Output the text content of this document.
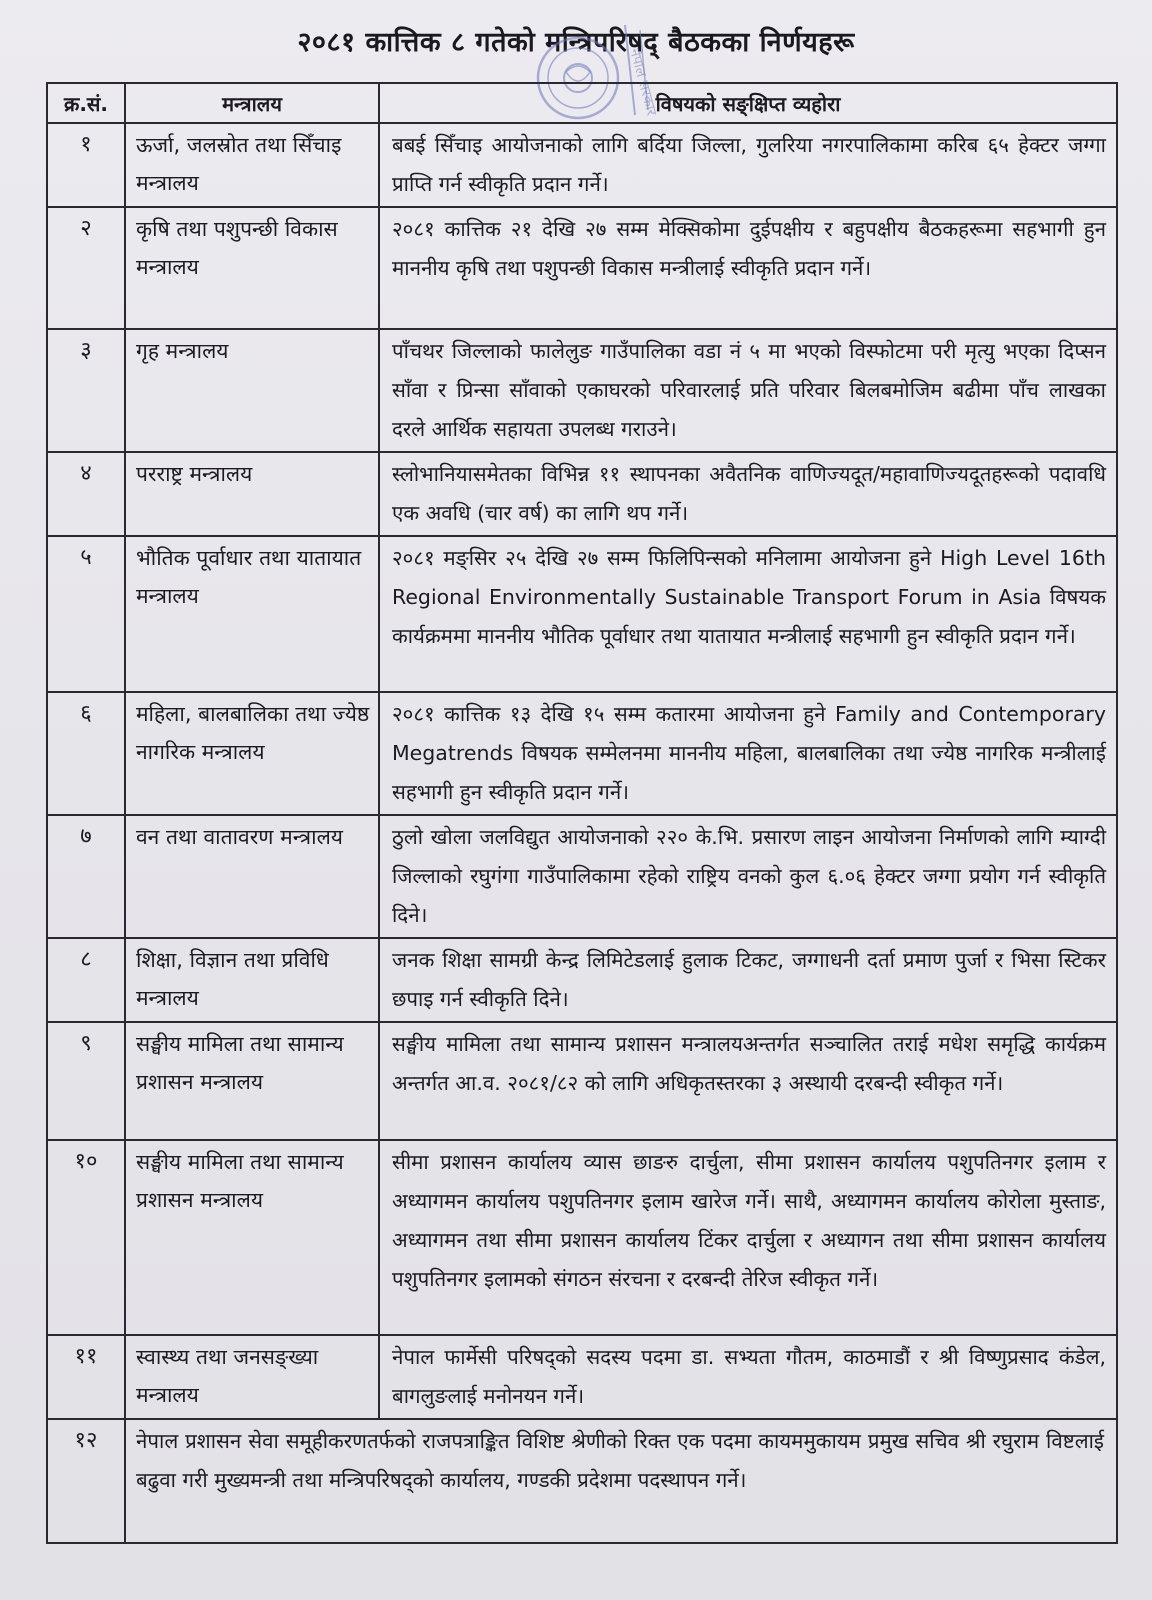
२०८१ कात्तिक ८ गतेको मन्त्रिपरिषद् बैठकका निर्णयहरू
नेपाल सरकार
क्र.सं.	मन्त्रालय	विषयको सङ्क्षिप्त व्यहोरा
१	ऊर्जा, जलस्रोत तथा सिँचाइ मन्त्रालय	बबई सिँचाइ आयोजनाको लागि बर्दिया जिल्ला, गुलरिया नगरपालिकामा करिब ६५ हेक्टर जग्गा प्राप्ति गर्न स्वीकृति प्रदान गर्ने।
२	कृषि तथा पशुपन्छी विकास मन्त्रालय	२०८१ कात्तिक २१ देखि २७ सम्म मेक्सिकोमा दुईपक्षीय र बहुपक्षीय बैठकहरूमा सहभागी हुन माननीय कृषि तथा पशुपन्छी विकास मन्त्रीलाई स्वीकृति प्रदान गर्ने।
३	गृह मन्त्रालय	पाँचथर जिल्लाको फालेलुङ गाउँपालिका वडा नं ५ मा भएको विस्फोटमा परी मृत्यु भएका दिप्सन साँवा र प्रिन्सा साँवाको एकाघरको परिवारलाई प्रति परिवार बिलबमोजिम बढीमा पाँच लाखका दरले आर्थिक सहायता उपलब्ध गराउने।
४	परराष्ट्र मन्त्रालय	स्लोभानियासमेतका विभिन्न ११ स्थापनका अवैतनिक वाणिज्यदूत/महावाणिज्यदूतहरूको पदावधि एक अवधि (चार वर्ष) का लागि थप गर्ने।
५	भौतिक पूर्वाधार तथा यातायात मन्त्रालय	२०८१ मङ्सिर २५ देखि २७ सम्म फिलिपिन्सको मनिलामा आयोजना हुने High Level 16th Regional Environmentally Sustainable Transport Forum in Asia विषयक कार्यक्रममा माननीय भौतिक पूर्वाधार तथा यातायात मन्त्रीलाई सहभागी हुन स्वीकृति प्रदान गर्ने।
६	महिला, बालबालिका तथा ज्येष्ठ नागरिक मन्त्रालय	२०८१ कात्तिक १३ देखि १५ सम्म कतारमा आयोजना हुने Family and Contemporary Megatrends विषयक सम्मेलनमा माननीय महिला, बालबालिका तथा ज्येष्ठ नागरिक मन्त्रीलाई सहभागी हुन स्वीकृति प्रदान गर्ने।
७	वन तथा वातावरण मन्त्रालय	ठुलो खोला जलविद्युत आयोजनाको २२० के.भि. प्रसारण लाइन आयोजना निर्माणको लागि म्याग्दी जिल्लाको रघुगंगा गाउँपालिकामा रहेको राष्ट्रिय वनको कुल ६.०६ हेक्टर जग्गा प्रयोग गर्न स्वीकृति दिने।
८	शिक्षा, विज्ञान तथा प्रविधि मन्त्रालय	जनक शिक्षा सामग्री केन्द्र लिमिटेडलाई हुलाक टिकट, जग्गाधनी दर्ता प्रमाण पुर्जा र भिसा स्टिकर छपाइ गर्न स्वीकृति दिने।
९	सङ्घीय मामिला तथा सामान्य प्रशासन मन्त्रालय	सङ्घीय मामिला तथा सामान्य प्रशासन मन्त्रालयअन्तर्गत सञ्चालित तराई मधेश समृद्धि कार्यक्रम अन्तर्गत आ.व. २०८१/८२ को लागि अधिकृतस्तरका ३ अस्थायी दरबन्दी स्वीकृत गर्ने।
१०	सङ्घीय मामिला तथा सामान्य प्रशासन मन्त्रालय	सीमा प्रशासन कार्यालय व्यास छाङरु दार्चुला, सीमा प्रशासन कार्यालय पशुपतिनगर इलाम र अध्यागमन कार्यालय पशुपतिनगर इलाम खारेज गर्ने। साथै, अध्यागमन कार्यालय कोरोला मुस्ताङ, अध्यागमन तथा सीमा प्रशासन कार्यालय टिंकर दार्चुला र अध्यागन तथा सीमा प्रशासन कार्यालय पशुपतिनगर इलामको संगठन संरचना र दरबन्दी तेरिज स्वीकृत गर्ने।
११	स्वास्थ्य तथा जनसङ्ख्या मन्त्रालय	नेपाल फार्मेसी परिषद्को सदस्य पदमा डा. सभ्यता गौतम, काठमाडौं र श्री विष्णुप्रसाद कंडेल, बागलुङलाई मनोनयन गर्ने।
१२	नेपाल प्रशासन सेवा समूहीकरणतर्फको राजपत्राङ्कित विशिष्ट श्रेणीको रिक्त एक पदमा कायममुकायम प्रमुख सचिव श्री रघुराम विष्टलाई बढुवा गरी मुख्यमन्त्री तथा मन्त्रिपरिषद्को कार्यालय, गण्डकी प्रदेशमा पदस्थापन गर्ने।	
